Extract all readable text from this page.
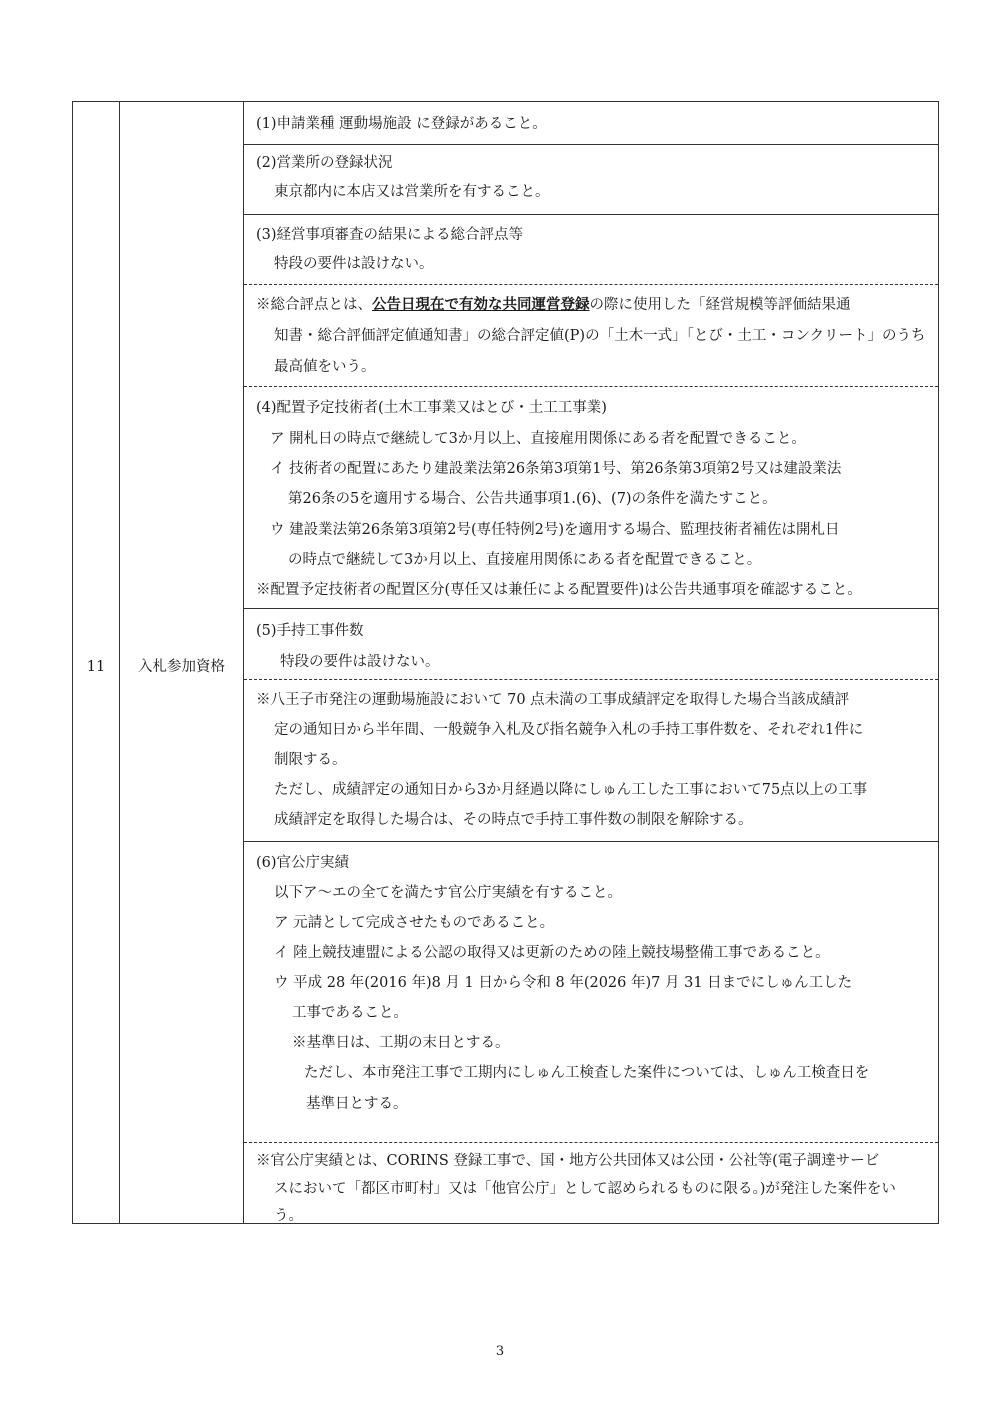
11	入札参加資格
(1)申請業種 運動場施設 に登録があること。
(2)営業所の登録状況
東京都内に本店又は営業所を有すること。
(3)経営事項審査の結果による総合評点等
特段の要件は設けない。
※総合評点とは、公告日現在で有効な共同運営登録の際に使用した「経営規模等評価結果通
知書・総合評価評定値通知書」の総合評定値(P)の「土木一式」「とび・土工・コンクリート」のうち
最高値をいう。
(4)配置予定技術者(土木工事業又はとび・土工工事業)
ア 開札日の時点で継続して3か月以上、直接雇用関係にある者を配置できること。
イ 技術者の配置にあたり建設業法第26条第3項第1号、第26条第3項第2号又は建設業法
第26条の5を適用する場合、公告共通事項1.(6)、(7)の条件を満たすこと。
ウ 建設業法第26条第3項第2号(専任特例2号)を適用する場合、監理技術者補佐は開札日
の時点で継続して3か月以上、直接雇用関係にある者を配置できること。
※配置予定技術者の配置区分(専任又は兼任による配置要件)は公告共通事項を確認すること。
(5)手持工事件数
特段の要件は設けない。
※八王子市発注の運動場施設において 70 点未満の工事成績評定を取得した場合当該成績評
定の通知日から半年間、一般競争入札及び指名競争入札の手持工事件数を、それぞれ1件に
制限する。
ただし、成績評定の通知日から3か月経過以降にしゅん工した工事において75点以上の工事
成績評定を取得した場合は、その時点で手持工事件数の制限を解除する。
(6)官公庁実績
以下ア～エの全てを満たす官公庁実績を有すること。
ア 元請として完成させたものであること。
イ 陸上競技連盟による公認の取得又は更新のための陸上競技場整備工事であること。
ウ 平成 28 年(2016 年)8 月 1 日から令和 8 年(2026 年)7 月 31 日までにしゅん工した
工事であること。
※基準日は、工期の末日とする。
ただし、本市発注工事で工期内にしゅん工検査した案件については、しゅん工検査日を
基準日とする。
※官公庁実績とは、CORINS 登録工事で、国・地方公共団体又は公団・公社等(電子調達サービ
スにおいて「都区市町村」又は「他官公庁」として認められるものに限る。)が発注した案件をい
う。
3
